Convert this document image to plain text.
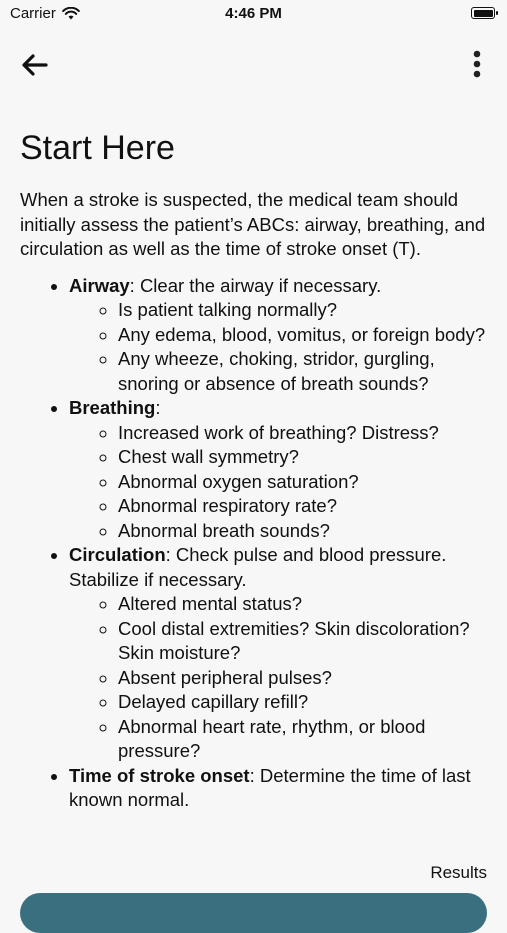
Carrier	4:46 PM
Start Here

When a stroke is suspected, the medical team should initially assess the patient’s ABCs: airway, breathing, and circulation as well as the time of stroke onset (T).

• Airway: Clear the airway if necessary.
◦ Is patient talking normally?
◦ Any edema, blood, vomitus, or foreign body?
◦ Any wheeze, choking, stridor, gurgling, snoring or absence of breath sounds?
• Breathing:
◦ Increased work of breathing? Distress?
◦ Chest wall symmetry?
◦ Abnormal oxygen saturation?
◦ Abnormal respiratory rate?
◦ Abnormal breath sounds?
• Circulation: Check pulse and blood pressure. Stabilize if necessary.
◦ Altered mental status?
◦ Cool distal extremities? Skin discoloration? Skin moisture?
◦ Absent peripheral pulses?
◦ Delayed capillary refill?
◦ Abnormal heart rate, rhythm, or blood pressure?
• Time of stroke onset: Determine the time of last known normal.
Results
